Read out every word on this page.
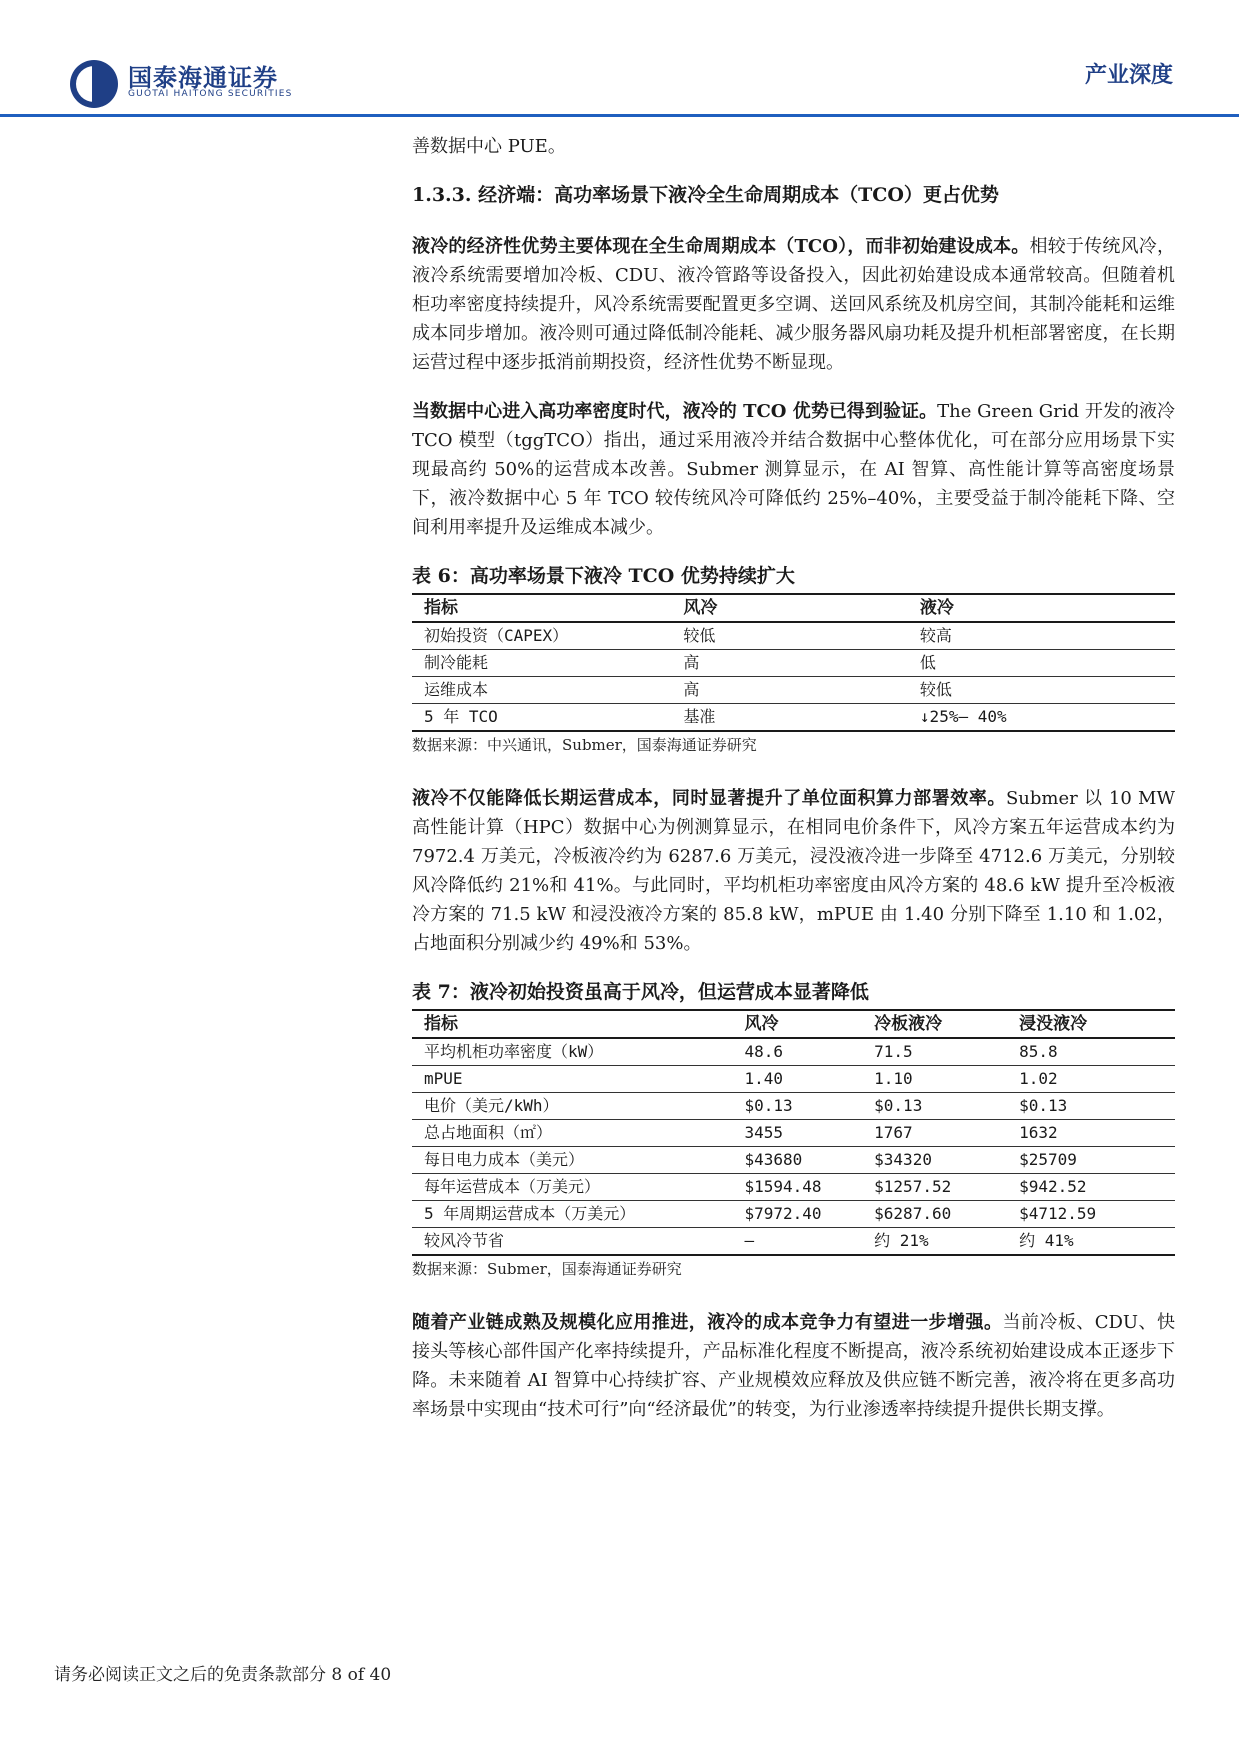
国泰海通证券
GUOTAI HAITONG SECURITIES
产业深度

善数据中心 PUE。

1.3.3. 经济端：高功率场景下液冷全生命周期成本（TCO）更占优势

液冷的经济性优势主要体现在全生命周期成本（TCO），而非初始建设成本。相较于传统风冷，液冷系统需要增加冷板、CDU、液冷管路等设备投入，因此初始建设成本通常较高。但随着机柜功率密度持续提升，风冷系统需要配置更多空调、送回风系统及机房空间，其制冷能耗和运维成本同步增加。液冷则可通过降低制冷能耗、减少服务器风扇功耗及提升机柜部署密度，在长期运营过程中逐步抵消前期投资，经济性优势不断显现。

当数据中心进入高功率密度时代，液冷的 TCO 优势已得到验证。The Green Grid 开发的液冷 TCO 模型（tggTCO）指出，通过采用液冷并结合数据中心整体优化，可在部分应用场景下实现最高约 50%的运营成本改善。Submer 测算显示，在 AI 智算、高性能计算等高密度场景下，液冷数据中心 5 年 TCO 较传统风冷可降低约 25%–40%，主要受益于制冷能耗下降、空间利用率提升及运维成本减少。

表 6：高功率场景下液冷 TCO 优势持续扩大

指标	风冷	液冷
初始投资（CAPEX）	较低	较高
制冷能耗	高	低
运维成本	高	较低
5 年 TCO	基准	↓25%– 40%

数据来源：中兴通讯，Submer，国泰海通证券研究

液冷不仅能降低长期运营成本，同时显著提升了单位面积算力部署效率。Submer 以 10 MW 高性能计算（HPC）数据中心为例测算显示，在相同电价条件下，风冷方案五年运营成本约为 7972.4 万美元，冷板液冷约为 6287.6 万美元，浸没液冷进一步降至 4712.6 万美元，分别较风冷降低约 21%和 41%。与此同时，平均机柜功率密度由风冷方案的 48.6 kW 提升至冷板液冷方案的 71.5 kW 和浸没液冷方案的 85.8 kW，mPUE 由 1.40 分别下降至 1.10 和 1.02，占地面积分别减少约 49%和 53%。

表 7：液冷初始投资虽高于风冷，但运营成本显著降低

指标	风冷	冷板液冷	浸没液冷
平均机柜功率密度（kW）	48.6	71.5	85.8
mPUE	1.40	1.10	1.02
电价（美元/kWh）	$0.13	$0.13	$0.13
总占地面积（㎡）	3455	1767	1632
每日电力成本（美元）	$43680	$34320	$25709
每年运营成本（万美元）	$1594.48	$1257.52	$942.52
5 年周期运营成本（万美元）	$7972.40	$6287.60	$4712.59
较风冷节省	—	约 21%	约 41%

数据来源：Submer，国泰海通证券研究

随着产业链成熟及规模化应用推进，液冷的成本竞争力有望进一步增强。当前冷板、CDU、快接头等核心部件国产化率持续提升，产品标准化程度不断提高，液冷系统初始建设成本正逐步下降。未来随着 AI 智算中心持续扩容、产业规模效应释放及供应链不断完善，液冷将在更多高功率场景中实现由“技术可行”向“经济最优”的转变，为行业渗透率持续提升提供长期支撑。

请务必阅读正文之后的免责条款部分 8 of 40
